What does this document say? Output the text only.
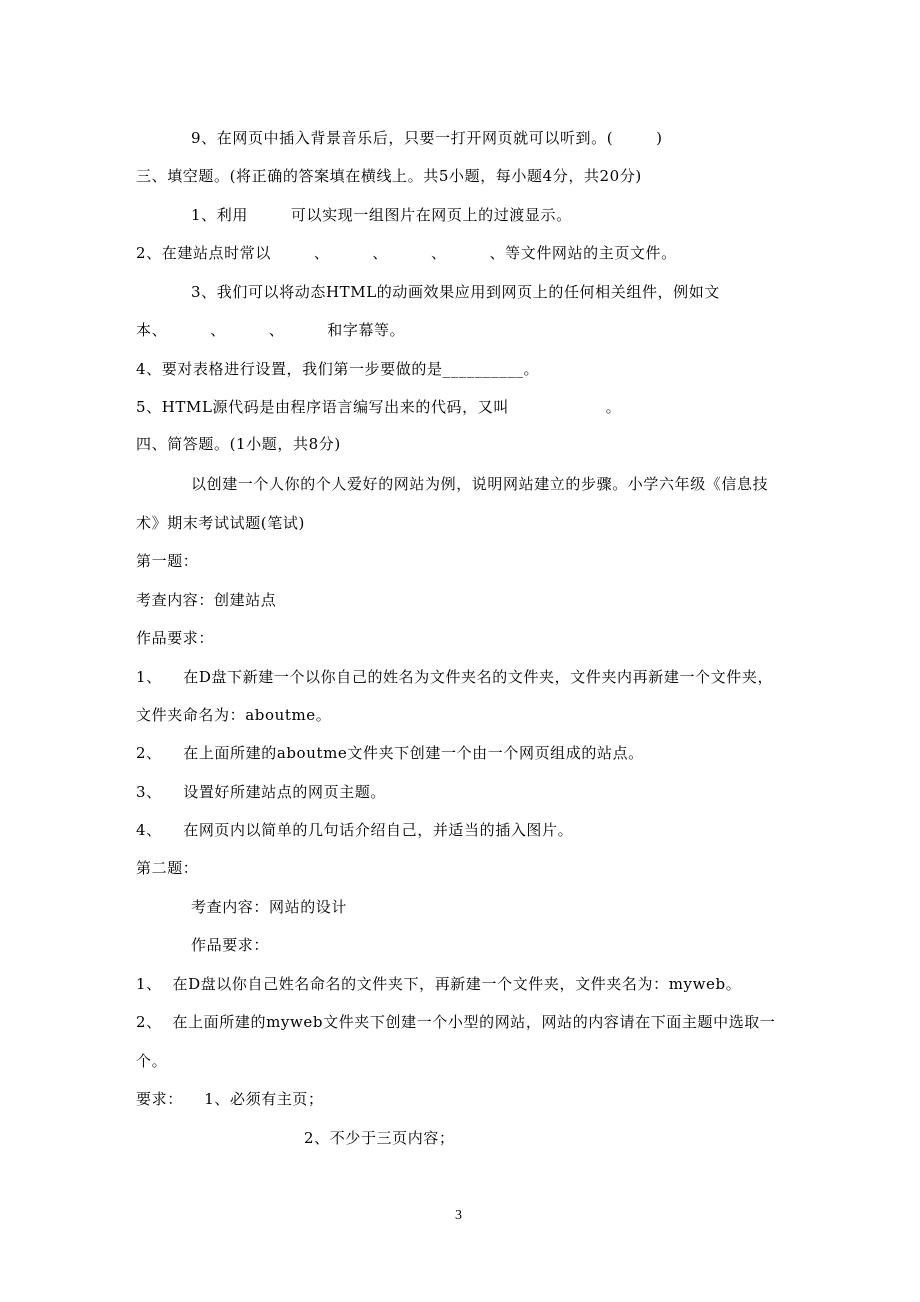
9、在网页中插入背景音乐后，只要一打开网页就可以听到。(        )
三、填空题。(将正确的答案填在横线上。共5小题，每小题4分，共20分)
1、利用        可以实现一组图片在网页上的过渡显示。
2、在建站点时常以        、        、        、        、等文件网站的主页文件。
3、我们可以将动态HTML的动画效果应用到网页上的任何相关组件，例如文
本、        、        、        和字幕等。
4、要对表格进行设置，我们第一步要做的是__________。
5、HTML源代码是由程序语言编写出来的代码，又叫                  。
四、简答题。(1小题，共8分)
以创建一个人你的个人爱好的网站为例，说明网站建立的步骤。小学六年级《信息技
术》期末考试试题(笔试)
第一题：
考查内容：创建站点
作品要求：
1、    在D盘下新建一个以你自己的姓名为文件夹名的文件夹，文件夹内再新建一个文件夹，
文件夹命名为：aboutme。
2、    在上面所建的aboutme文件夹下创建一个由一个网页组成的站点。
3、    设置好所建站点的网页主题。
4、    在网页内以简单的几句话介绍自己，并适当的插入图片。
第二题：
考查内容：网站的设计
作品要求：
1、  在D盘以你自己姓名命名的文件夹下，再新建一个文件夹，文件夹名为：myweb。
2、  在上面所建的myweb文件夹下创建一个小型的网站，网站的内容请在下面主题中选取一
个。
要求：    1、必须有主页；
2、不少于三页内容；
3
